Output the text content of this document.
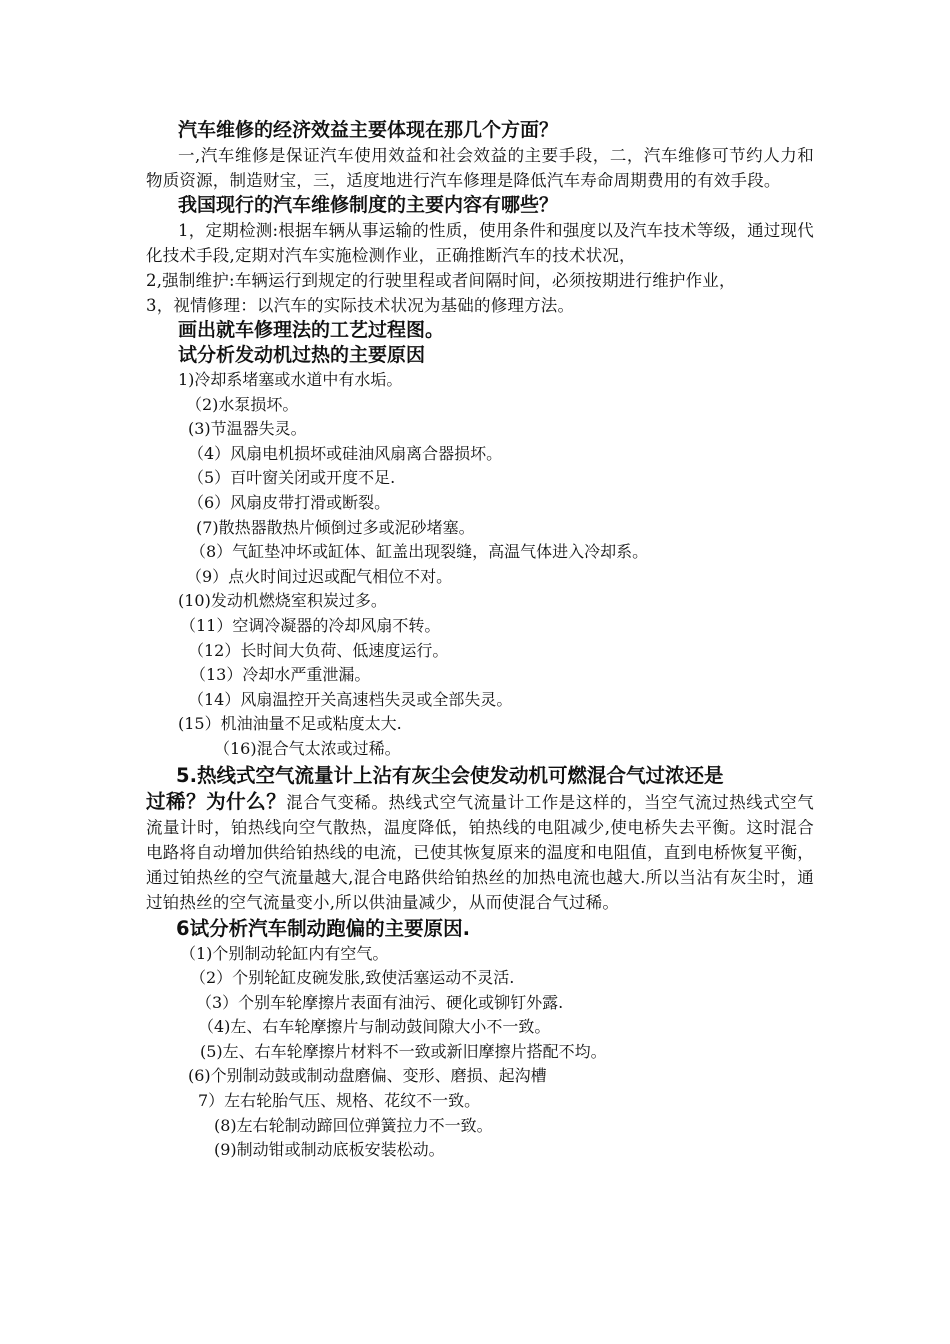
汽车维修的经济效益主要体现在那几个方面？

一,汽车维修是保证汽车使用效益和社会效益的主要手段，二，汽车维修可节约人力和物质资源，制造财宝，三，适度地进行汽车修理是降低汽车寿命周期费用的有效手段。

我国现行的汽车维修制度的主要内容有哪些？

1，定期检测:根据车辆从事运输的性质，使用条件和强度以及汽车技术等级，通过现代化技术手段,定期对汽车实施检测作业，正确推断汽车的技术状况，

2,强制维护:车辆运行到规定的行驶里程或者间隔时间，必须按期进行维护作业，

3，视情修理：以汽车的实际技术状况为基础的修理方法。

画出就车修理法的工艺过程图。

试分析发动机过热的主要原因

1)冷却系堵塞或水道中有水垢。

（2)水泵损坏。

(3)节温器失灵。

（4）风扇电机损坏或硅油风扇离合器损坏。

（5）百叶窗关闭或开度不足.

（6）风扇皮带打滑或断裂。

(7)散热器散热片倾倒过多或泥砂堵塞。

（8）气缸垫冲坏或缸体、缸盖出现裂缝，高温气体进入冷却系。

（9）点火时间过迟或配气相位不对。

(10)发动机燃烧室积炭过多。

（11）空调冷凝器的冷却风扇不转。

（12）长时间大负荷、低速度运行。

（13）冷却水严重泄漏。

（14）风扇温控开关高速档失灵或全部失灵。

(15）机油油量不足或粘度太大.

（16)混合气太浓或过稀。

5.热线式空气流量计上沾有灰尘会使发动机可燃混合气过浓还是

过稀？为什么？混合气变稀。热线式空气流量计工作是这样的，当空气流过热线式空气流量计时，铂热线向空气散热，温度降低，铂热线的电阻减少,使电桥失去平衡。这时混合电路将自动增加供给铂热线的电流，已使其恢复原来的温度和电阻值，直到电桥恢复平衡，通过铂热丝的空气流量越大,混合电路供给铂热丝的加热电流也越大.所以当沾有灰尘时，通过铂热丝的空气流量变小,所以供油量减少，从而使混合气过稀。

6试分析汽车制动跑偏的主要原因.

（1)个别制动轮缸内有空气。

（2）个别轮缸皮碗发胀,致使活塞运动不灵活.

（3）个别车轮摩擦片表面有油污、硬化或铆钉外露.

（4)左、右车轮摩擦片与制动鼓间隙大小不一致。

(5)左、右车轮摩擦片材料不一致或新旧摩擦片搭配不均。

(6)个别制动鼓或制动盘磨偏、变形、磨损、起沟槽

7）左右轮胎气压、规格、花纹不一致。

(8)左右轮制动蹄回位弹簧拉力不一致。

(9)制动钳或制动底板安装松动。
